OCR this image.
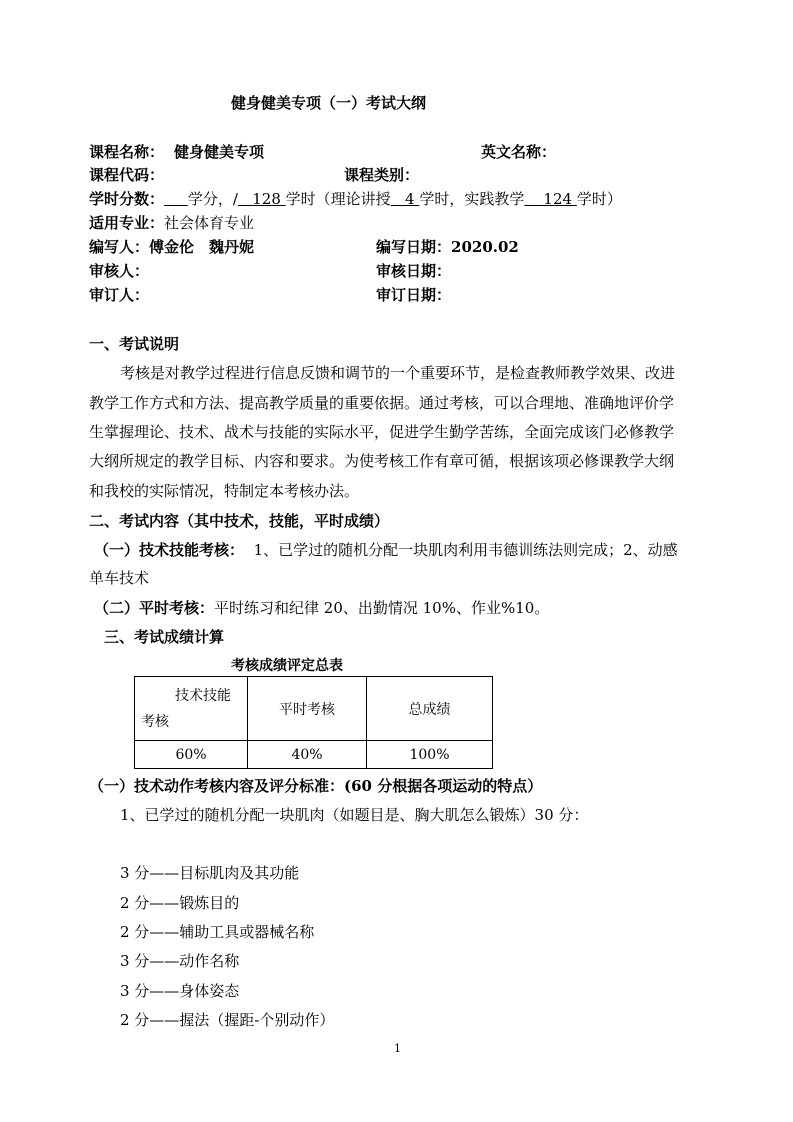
健身健美专项（一）考试大纲
课程名称： 健身健美专项	英文名称：
课程代码：	课程类别：
学时分数： 学分，/ 128 学时（理论讲授 4 学时，实践教学 124 学时）
适用专业：社会体育专业
编写人：傅金伦　魏丹妮	编写日期：2020.02
审核人：	审核日期：
审订人：	审订日期：
一、考试说明
考核是对教学过程进行信息反馈和调节的一个重要环节，是检查教师教学效果、改进
教学工作方式和方法、提高教学质量的重要依据。通过考核，可以合理地、准确地评价学
生掌握理论、技术、战术与技能的实际水平，促进学生勤学苦练，全面完成该门必修教学
大纲所规定的教学目标、内容和要求。为使考核工作有章可循，根据该项必修课教学大纲
和我校的实际情况，特制定本考核办法。
二、考试内容（其中技术，技能，平时成绩）
（一）技术技能考核： 1、已学过的随机分配一块肌肉利用韦德训练法则完成；2、动感
单车技术
（二）平时考核：平时练习和纪律 20、出勤情况 10%、作业%10。
三、考试成绩计算
考核成绩评定总表
技术技能
考核	平时考核	总成绩
60%	40%	100%
（一）技术动作考核内容及评分标准：(60 分根据各项运动的特点）
1、已学过的随机分配一块肌肉（如题目是、胸大肌怎么锻炼）30 分：
3 分——目标肌肉及其功能
2 分——锻炼目的
2 分——辅助工具或器械名称
3 分——动作名称
3 分——身体姿态
2 分——握法（握距-个别动作）
1
